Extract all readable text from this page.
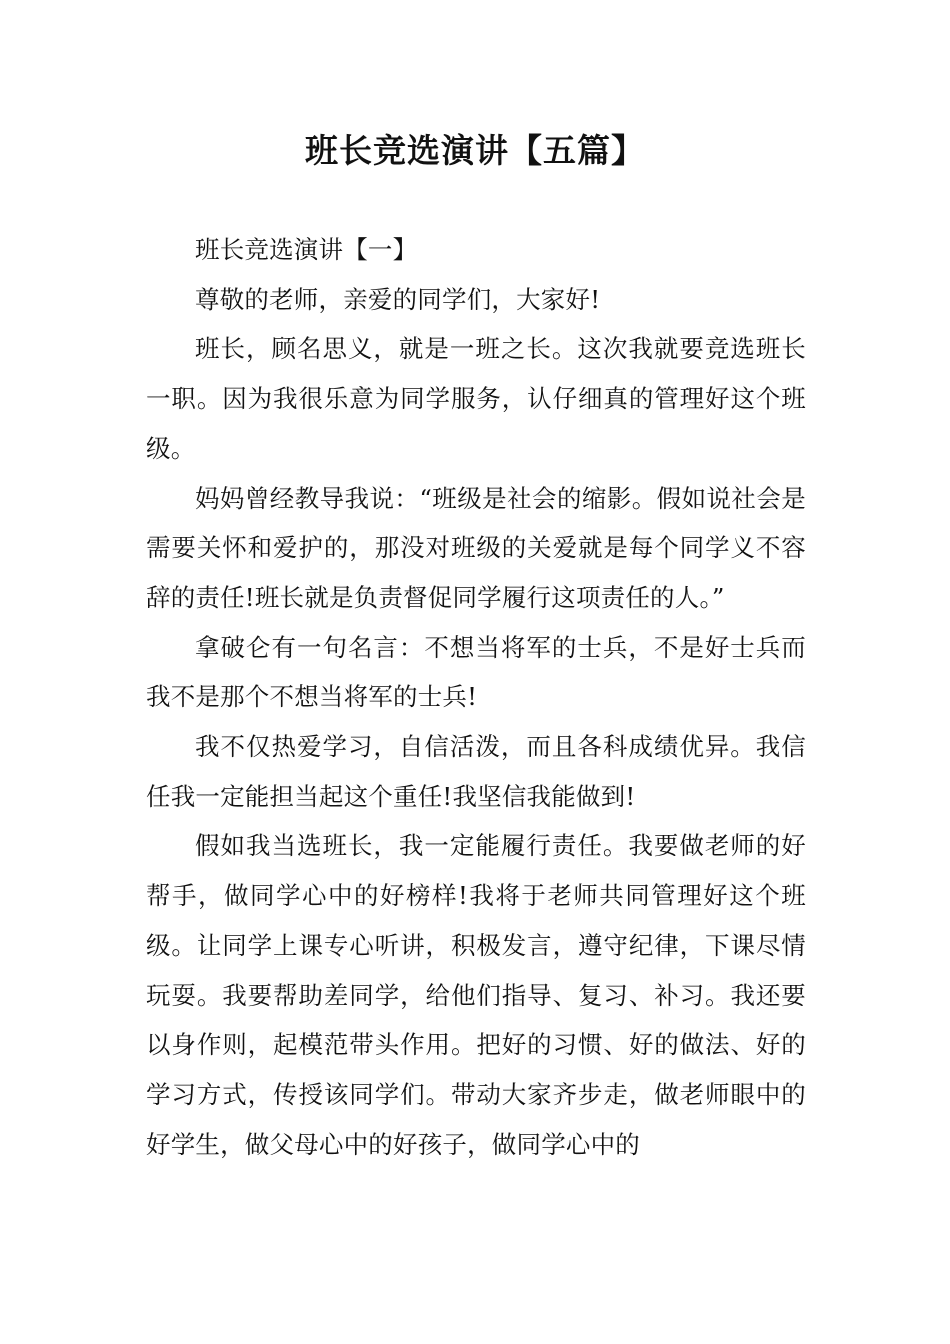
班长竞选演讲【五篇】

班长竞选演讲【一】

尊敬的老师，亲爱的同学们，大家好!

班长，顾名思义，就是一班之长。这次我就要竞选班长一职。因为我很乐意为同学服务，认仔细真的管理好这个班级。

妈妈曾经教导我说：“班级是社会的缩影。假如说社会是需要关怀和爱护的，那没对班级的关爱就是每个同学义不容辞的责任!班长就是负责督促同学履行这项责任的人。”

拿破仑有一句名言：不想当将军的士兵，不是好士兵而我不是那个不想当将军的士兵!

我不仅热爱学习，自信活泼，而且各科成绩优异。我信任我一定能担当起这个重任!我坚信我能做到!

假如我当选班长，我一定能履行责任。我要做老师的好帮手，做同学心中的好榜样!我将于老师共同管理好这个班级。让同学上课专心听讲，积极发言，遵守纪律，下课尽情玩耍。我要帮助差同学，给他们指导、复习、补习。我还要以身作则，起模范带头作用。把好的习惯、好的做法、好的学习方式，传授该同学们。带动大家齐步走，做老师眼中的好学生，做父母心中的好孩子，做同学心中的
